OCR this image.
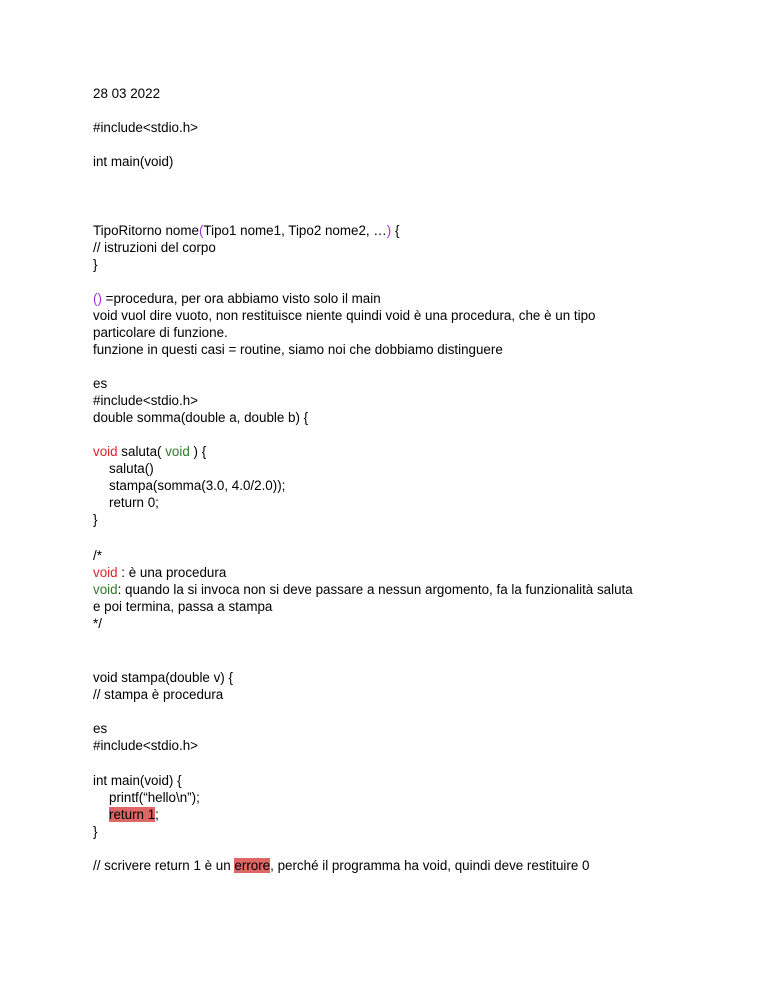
28 03 2022
#include<stdio.h>
int main(void)
TipoRitorno nome(Tipo1 nome1, Tipo2 nome2, …) {
// istruzioni del corpo
}
() =procedura, per ora abbiamo visto solo il main
void vuol dire vuoto, non restituisce niente quindi void è una procedura, che è un tipo
particolare di funzione.
funzione in questi casi = routine, siamo noi che dobbiamo distinguere
es
#include<stdio.h>
double somma(double a, double b) {
void saluta( void ) {
saluta()
stampa(somma(3.0, 4.0/2.0));
return 0;
}
/*
void : è una procedura
void: quando la si invoca non si deve passare a nessun argomento, fa la funzionalità saluta
e poi termina, passa a stampa
*/
void stampa(double v) {
// stampa è procedura
es
#include<stdio.h>
int main(void) {
printf(“hello\n”);
return 1;
}
// scrivere return 1 è un errore, perché il programma ha void, quindi deve restituire 0
